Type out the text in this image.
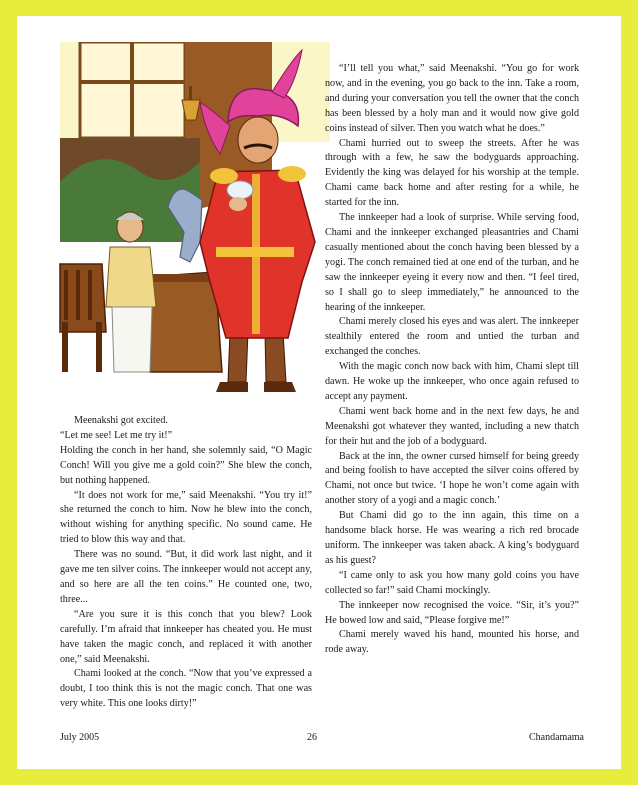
Meenakshi got excited.

“Let me see! Let me try it!”

Holding the conch in her hand, she solemnly said, “O Magic Conch! Will you give me a gold coin?” She blew the conch, but nothing happened.

“It does not work for me,” said Meenakshi. “You try it!” she returned the conch to him. Now he blew into the conch, without wishing for anything specific. No sound came. He tried to blow this way and that.

There was no sound. “But, it did work last night, and it gave me ten silver coins. The innkeeper would not accept any, and so here are all the ten coins.” He counted one, two, three...

“Are you sure it is this conch that you blew? Look carefully. I’m afraid that innkeeper has cheated you. He must have taken the magic conch, and replaced it with another one,” said Meenakshi.

Chami looked at the conch. “Now that you’ve expressed a doubt, I too think this is not the magic conch. That one was very white. This one looks dirty!”

“I’ll tell you what,” said Meenakshi. “You go for work now, and in the evening, you go back to the inn. Take a room, and during your conversation you tell the owner that the conch has been blessed by a holy man and it would now give gold coins instead of silver. Then you watch what he does.”

Chami hurried out to sweep the streets. After he was through with a few, he saw the bodyguards approaching. Evidently the king was delayed for his worship at the temple. Chami came back home and after resting for a while, he started for the inn.

The innkeeper had a look of surprise. While serving food, Chami and the innkeeper exchanged pleasantries and Chami casually mentioned about the conch having been blessed by a yogi. The conch remained tied at one end of the turban, and he saw the innkeeper eyeing it every now and then. “I feel tired, so I shall go to sleep immediately,” he announced to the hearing of the innkeeper.

Chami merely closed his eyes and was alert. The innkeeper stealthily entered the room and untied the turban and exchanged the conches.

With the magic conch now back with him, Chami slept till dawn. He woke up the innkeeper, who once again refused to accept any payment.

Chami went back home and in the next few days, he and Meenakshi got whatever they wanted, including a new thatch for their hut and the job of a bodyguard.

Back at the inn, the owner cursed himself for being greedy and being foolish to have accepted the silver coins offered by Chami, not once but twice. ‘I hope he won’t come again with another story of a yogi and a magic conch.’

But Chami did go to the inn again, this time on a handsome black horse. He was wearing a rich red brocade uniform. The innkeeper was taken aback. A king’s bodyguard as his guest?

“I came only to ask you how many gold coins you have collected so far!” said Chami mockingly.

The innkeeper now recognised the voice. “Sir, it’s you?” He bowed low and said, “Please forgive me!”

Chami merely waved his hand, mounted his horse, and rode away.

July 2005	26	Chandamama
